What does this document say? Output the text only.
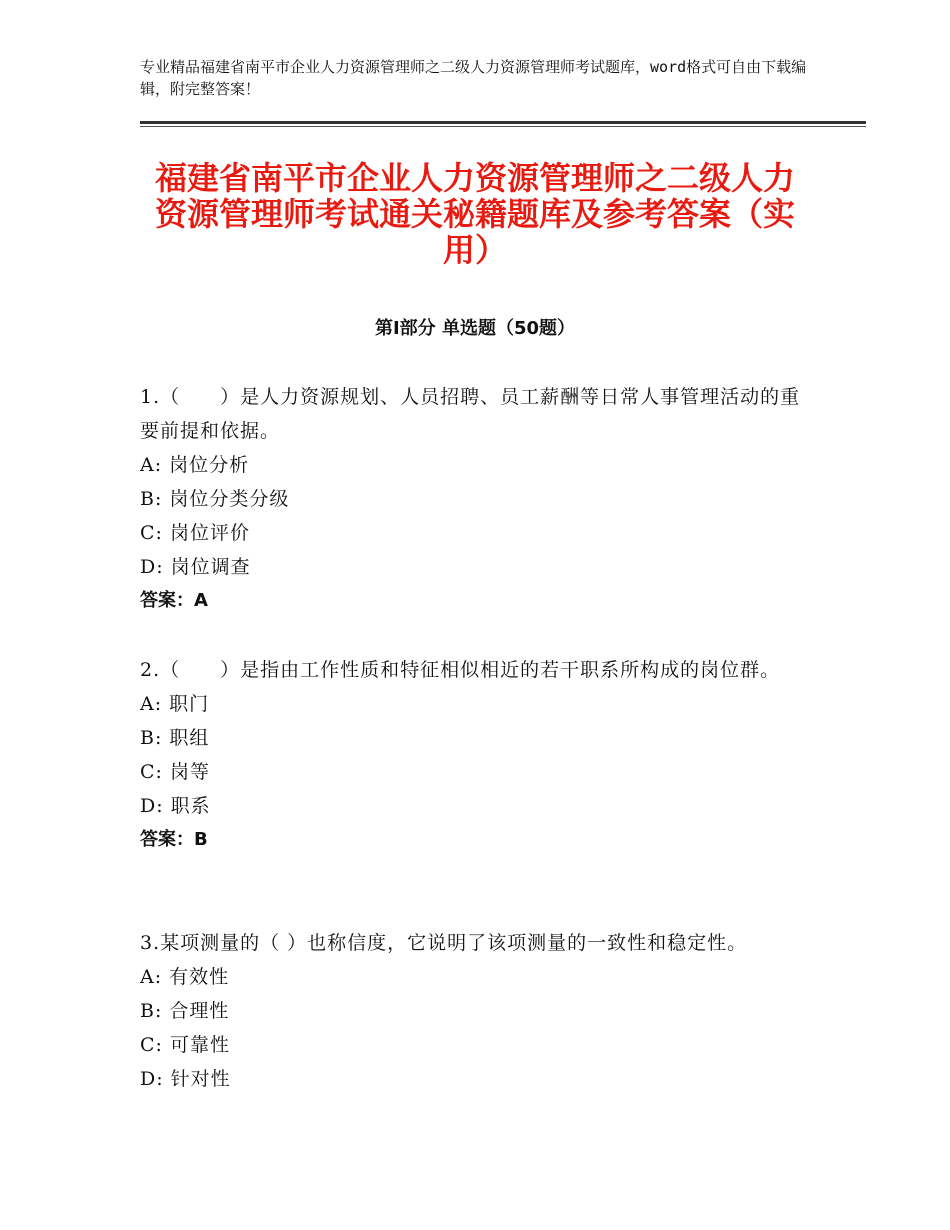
专业精品福建省南平市企业人力资源管理师之二级人力资源管理师考试题库，word格式可自由下载编辑，附完整答案！
福建省南平市企业人力资源管理师之二级人力资源管理师考试通关秘籍题库及参考答案（实用）
第Ⅰ部分 单选题（50题）
1.（　　）是人力资源规划、人员招聘、员工薪酬等日常人事管理活动的重要前提和依据。
A: 岗位分析
B: 岗位分类分级
C: 岗位评价
D: 岗位调查
答案：A
2.（　　）是指由工作性质和特征相似相近的若干职系所构成的岗位群。
A: 职门
B: 职组
C: 岗等
D: 职系
答案：B
3.某项测量的（ ）也称信度，它说明了该项测量的一致性和稳定性。
A: 有效性
B: 合理性
C: 可靠性
D: 针对性
